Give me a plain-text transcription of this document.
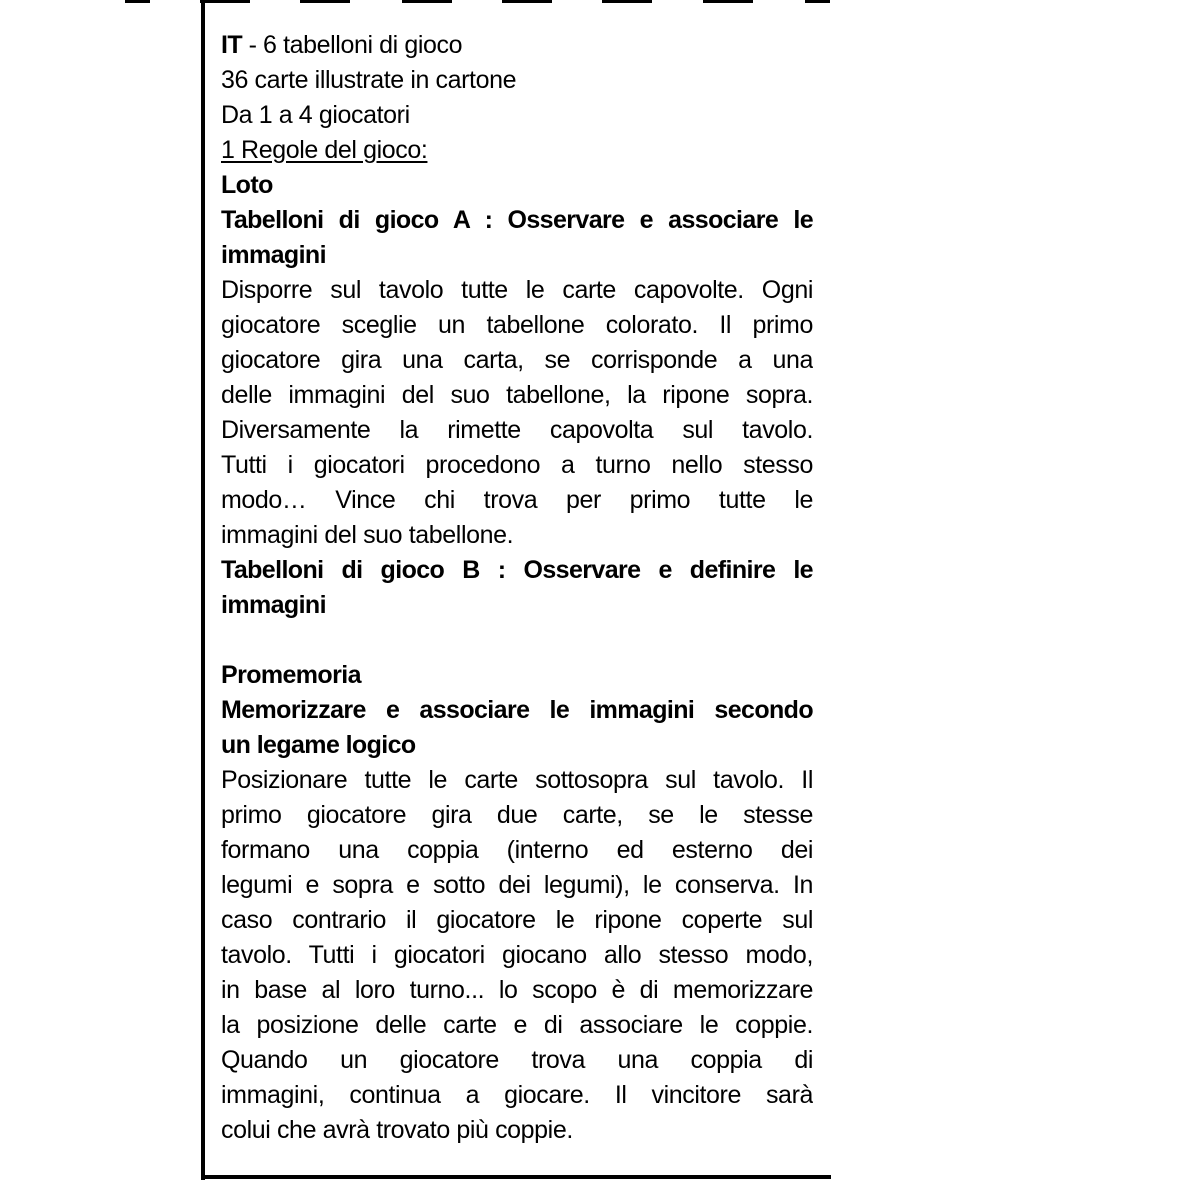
IT - 6 tabelloni di gioco
36 carte illustrate in cartone
Da 1 a 4 giocatori
1 Regole del gioco:
Loto
Tabelloni di gioco A : Osservare e associare le
immagini
Disporre sul tavolo tutte le carte capovolte. Ogni
giocatore sceglie un tabellone colorato. Il primo
giocatore gira una carta, se corrisponde a una
delle immagini del suo tabellone, la ripone sopra.
Diversamente la rimette capovolta sul tavolo.
Tutti i giocatori procedono a turno nello stesso
modo… Vince chi trova per primo tutte le
immagini del suo tabellone.
Tabelloni di gioco B : Osservare e definire le
immagini
Promemoria
Memorizzare e associare le immagini secondo
un legame logico
Posizionare tutte le carte sottosopra sul tavolo. Il
primo giocatore gira due carte, se le stesse
formano una coppia (interno ed esterno dei
legumi e sopra e sotto dei legumi), le conserva. In
caso contrario il giocatore le ripone coperte sul
tavolo. Tutti i giocatori giocano allo stesso modo,
in base al loro turno... lo scopo è di memorizzare
la posizione delle carte e di associare le coppie.
Quando un giocatore trova una coppia di
immagini, continua a giocare. Il vincitore sarà
colui che avrà trovato più coppie.
